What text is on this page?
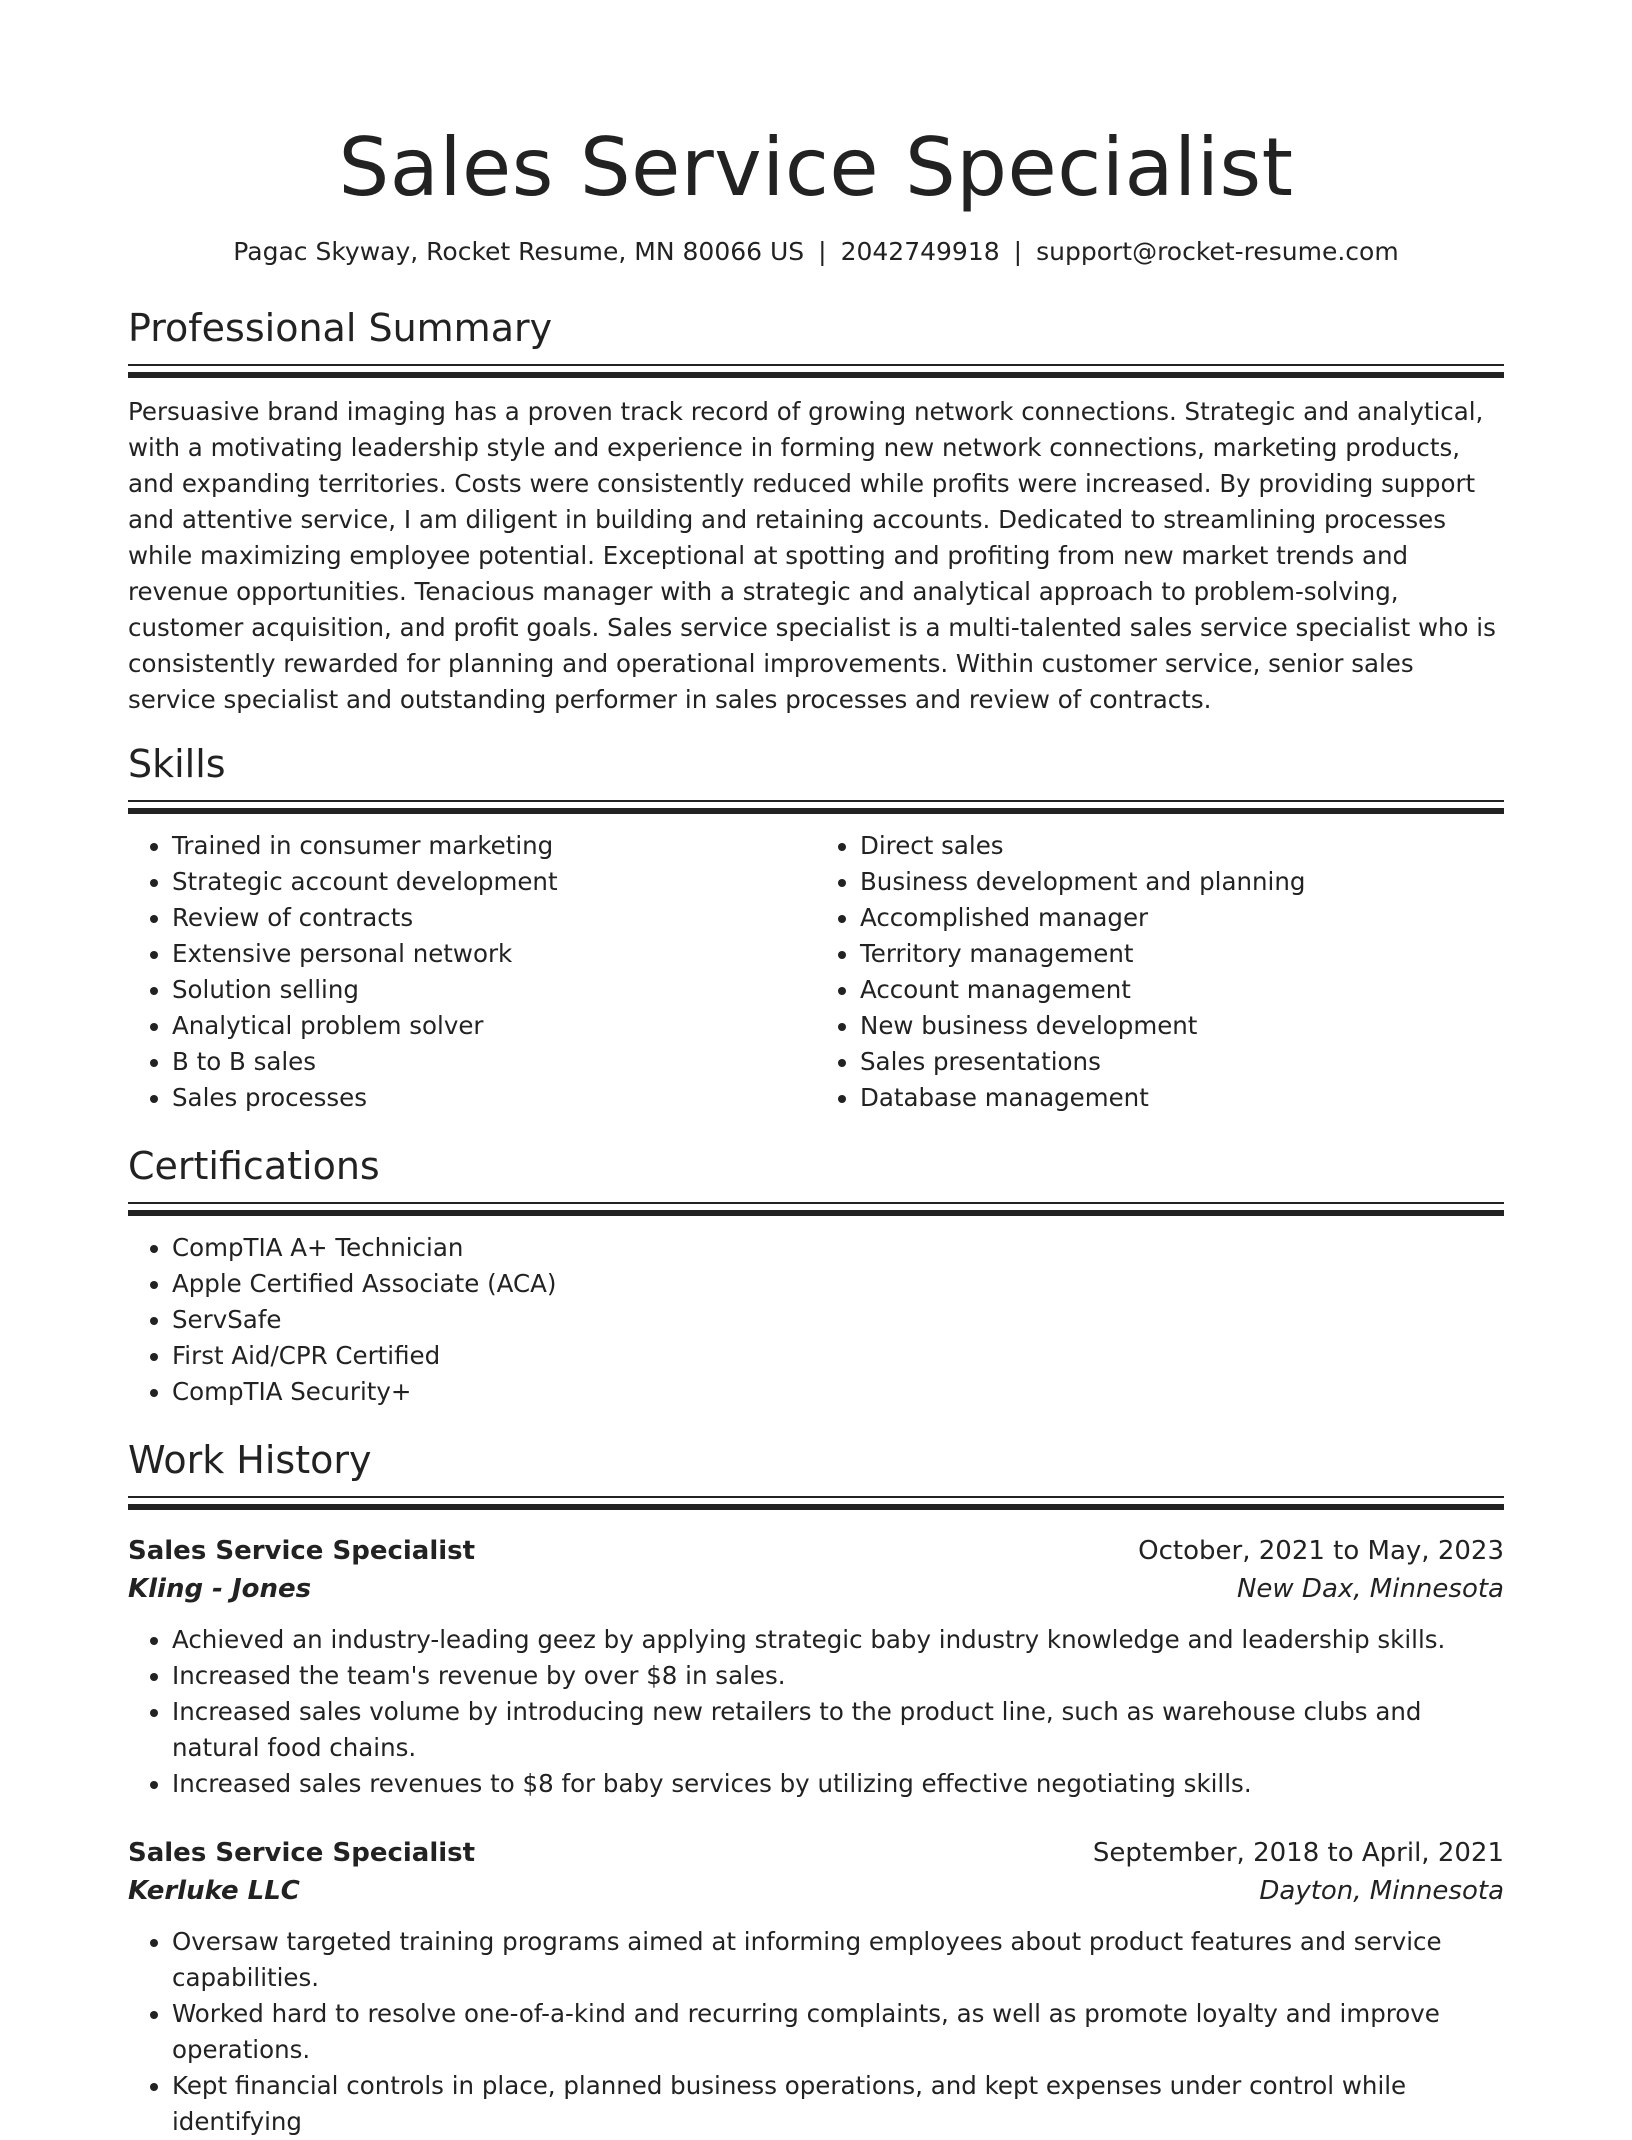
Sales Service Specialist
Pagac Skyway, Rocket Resume, MN 80066 US | 2042749918 | support@rocket-resume.com
Professional Summary
Persuasive brand imaging has a proven track record of growing network connections. Strategic and analytical, with a motivating leadership style and experience in forming new network connections, marketing products, and expanding territories. Costs were consistently reduced while profits were increased. By providing support and attentive service, I am diligent in building and retaining accounts. Dedicated to streamlining processes while maximizing employee potential. Exceptional at spotting and profiting from new market trends and revenue opportunities. Tenacious manager with a strategic and analytical approach to problem-solving, customer acquisition, and profit goals. Sales service specialist is a multi-talented sales service specialist who is consistently rewarded for planning and operational improvements. Within customer service, senior sales service specialist and outstanding performer in sales processes and review of contracts.
Skills
• Trained in consumer marketing
• Strategic account development
• Review of contracts
• Extensive personal network
• Solution selling
• Analytical problem solver
• B to B sales
• Sales processes
• Direct sales
• Business development and planning
• Accomplished manager
• Territory management
• Account management
• New business development
• Sales presentations
• Database management
Certifications
• CompTIA A+ Technician
• Apple Certified Associate (ACA)
• ServSafe
• First Aid/CPR Certified
• CompTIA Security+
Work History
Sales Service Specialist	October, 2021 to May, 2023
Kling - Jones	New Dax, Minnesota
• Achieved an industry-leading geez by applying strategic baby industry knowledge and leadership skills.
• Increased the team's revenue by over $8 in sales.
• Increased sales volume by introducing new retailers to the product line, such as warehouse clubs and natural food chains.
• Increased sales revenues to $8 for baby services by utilizing effective negotiating skills.
Sales Service Specialist	September, 2018 to April, 2021
Kerluke LLC	Dayton, Minnesota
• Oversaw targeted training programs aimed at informing employees about product features and service capabilities.
• Worked hard to resolve one-of-a-kind and recurring complaints, as well as promote loyalty and improve operations.
• Kept financial controls in place, planned business operations, and kept expenses under control while identifying
